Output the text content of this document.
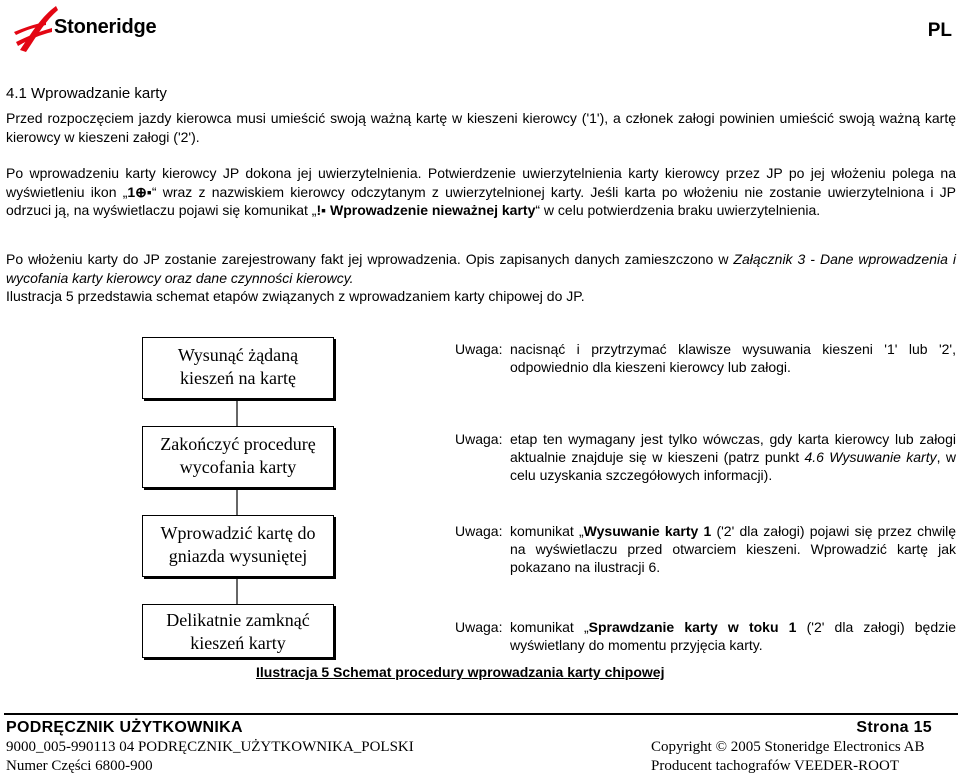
Stoneridge	PL
4.1 Wprowadzanie karty
Przed rozpoczęciem jazdy kierowca musi umieścić swoją ważną kartę w kieszeni kierowcy ('1'), a członek załogi powinien umieścić swoją ważną kartę kierowcy w kieszeni załogi ('2').
Po wprowadzeniu karty kierowcy JP dokona jej uwierzytelnienia. Potwierdzenie uwierzytelnienia karty kierowcy przez JP po jej włożeniu polega na wyświetleniu ikon „1⊕▪“ wraz z nazwiskiem kierowcy odczytanym z uwierzytelnionej karty. Jeśli karta po włożeniu nie zostanie uwierzytelniona i JP odrzuci ją, na wyświetlaczu pojawi się komunikat „!▪ Wprowadzenie nieważnej karty“ w celu potwierdzenia braku uwierzytelnienia.
Po włożeniu karty do JP zostanie zarejestrowany fakt jej wprowadzenia. Opis zapisanych danych zamieszczono w Załącznik 3 - Dane wprowadzenia i wycofania karty kierowcy oraz dane czynności kierowcy.
Ilustracja 5 przedstawia schemat etapów związanych z wprowadzaniem karty chipowej do JP.
Wysunąć żądaną
kieszeń na kartę
Zakończyć procedurę
wycofania karty
Wprowadzić kartę do
gniazda wysuniętej
Delikatnie zamknąć
kieszeń karty
Uwaga: nacisnąć i przytrzymać klawisze wysuwania kieszeni '1' lub '2', odpowiednio dla kieszeni kierowcy lub załogi.
Uwaga: etap ten wymagany jest tylko wówczas, gdy karta kierowcy lub załogi aktualnie znajduje się w kieszeni (patrz punkt 4.6 Wysuwanie karty, w celu uzyskania szczegółowych informacji).
Uwaga: komunikat „Wysuwanie karty 1 ('2' dla załogi) pojawi się przez chwilę na wyświetlaczu przed otwarciem kieszeni. Wprowadzić kartę jak pokazano na ilustracji 6.
Uwaga: komunikat „Sprawdzanie karty w toku 1 ('2' dla załogi) będzie wyświetlany do momentu przyjęcia karty.
Ilustracja 5 Schemat procedury wprowadzania karty chipowej
PODRĘCZNIK UŻYTKOWNIKA	Strona 15
9000_005-990113 04 PODRĘCZNIK_UŻYTKOWNIKA_POLSKI
Numer Części 6800-900
Copyright © 2005 Stoneridge Electronics AB
Producent tachografów VEEDER-ROOT
